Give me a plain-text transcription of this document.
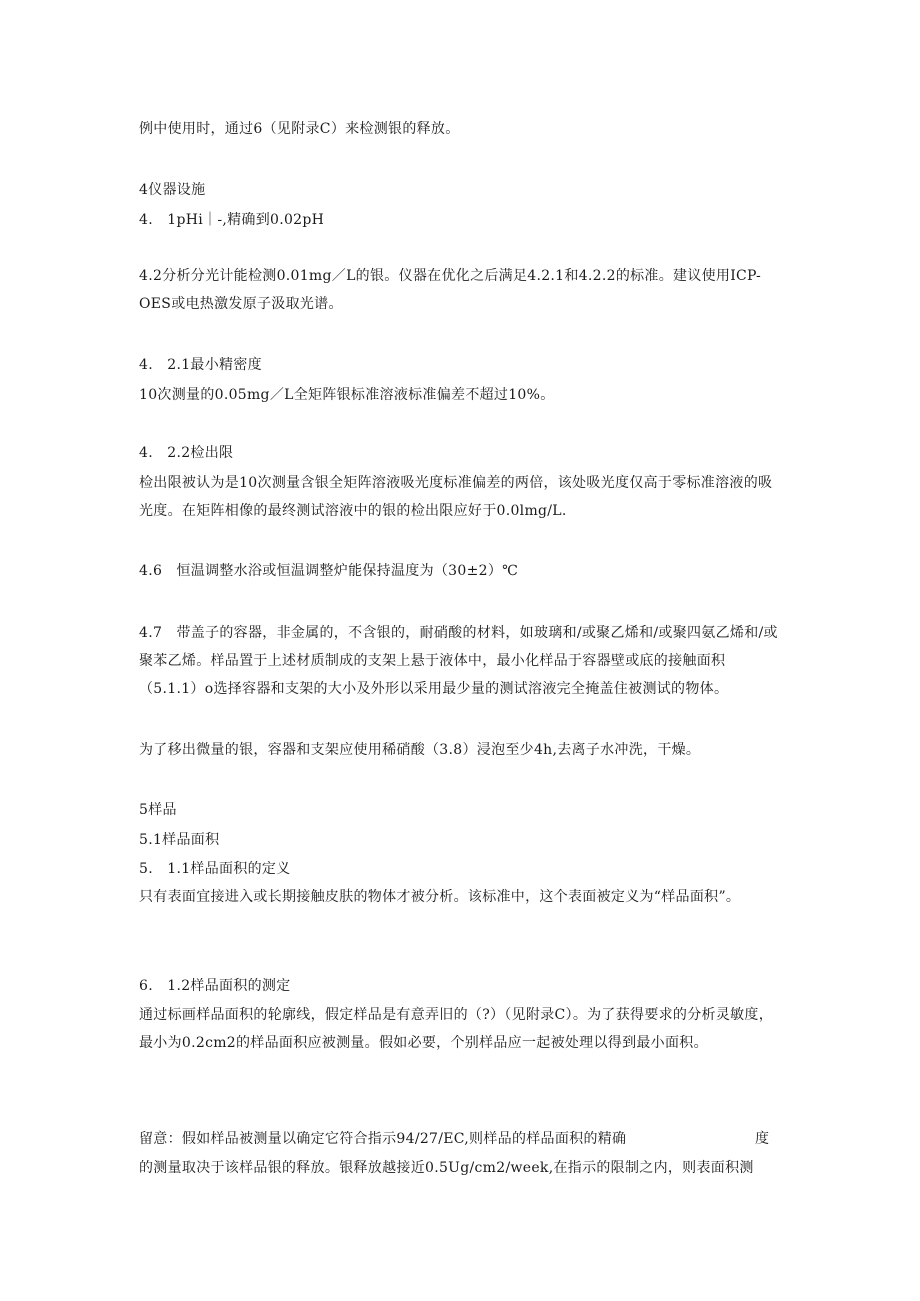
例中使用时，通过6（见附录C）来检测银的释放。
4仪器设施
4.　1pHi｜-,精确到0.02pH
4.2分析分光计能检测0.01mg／L的银。仪器在优化之后满足4.2.1和4.2.2的标准。建议使用ICP-OES或电热激发原子汲取光谱。
4.　2.1最小精密度
10次测量的0.05mg／L全矩阵银标准溶液标准偏差不超过10%。
4.　2.2检出限
检出限被认为是10次测量含银全矩阵溶液吸光度标准偏差的两倍，该处吸光度仅高于零标准溶液的吸光度。在矩阵相像的最终测试溶液中的银的检出限应好于0.0lmg/L.
4.6　恒温调整水浴或恒温调整炉能保持温度为（30±2）℃
4.7　带盖子的容器，非金属的，不含银的，耐硝酸的材料，如玻璃和/或聚乙烯和/或聚四氨乙烯和/或聚苯乙烯。样品置于上述材质制成的支架上悬于液体中，最小化样品于容器壁或底的接触面积（5.1.1）o选择容器和支架的大小及外形以采用最少量的测试溶液完全掩盖住被测试的物体。
为了移出微量的银，容器和支架应使用稀硝酸（3.8）浸泡至少4h,去离子水冲洗，干燥。
5样品
5.1样品面积
5.　1.1样品面积的定义
只有表面宜接进入或长期接触皮肤的物体才被分析。该标准中，这个表面被定义为“样品面积”。
6.　1.2样品面积的测定
通过标画样品面积的轮廓线，假定样品是有意弄旧的（?）（见附录C）。为了获得要求的分析灵敏度，最小为0.2cm2的样品面积应被测量。假如必要，个别样品应一起被处理以得到最小面积。
留意：假如样品被测量以确定它符合指示94/27/EC,则样品的样品面积的精确	度
的测量取决于该样品银的释放。银释放越接近0.5Ug/cm2/week,在指示的限制之内，则表面积测
